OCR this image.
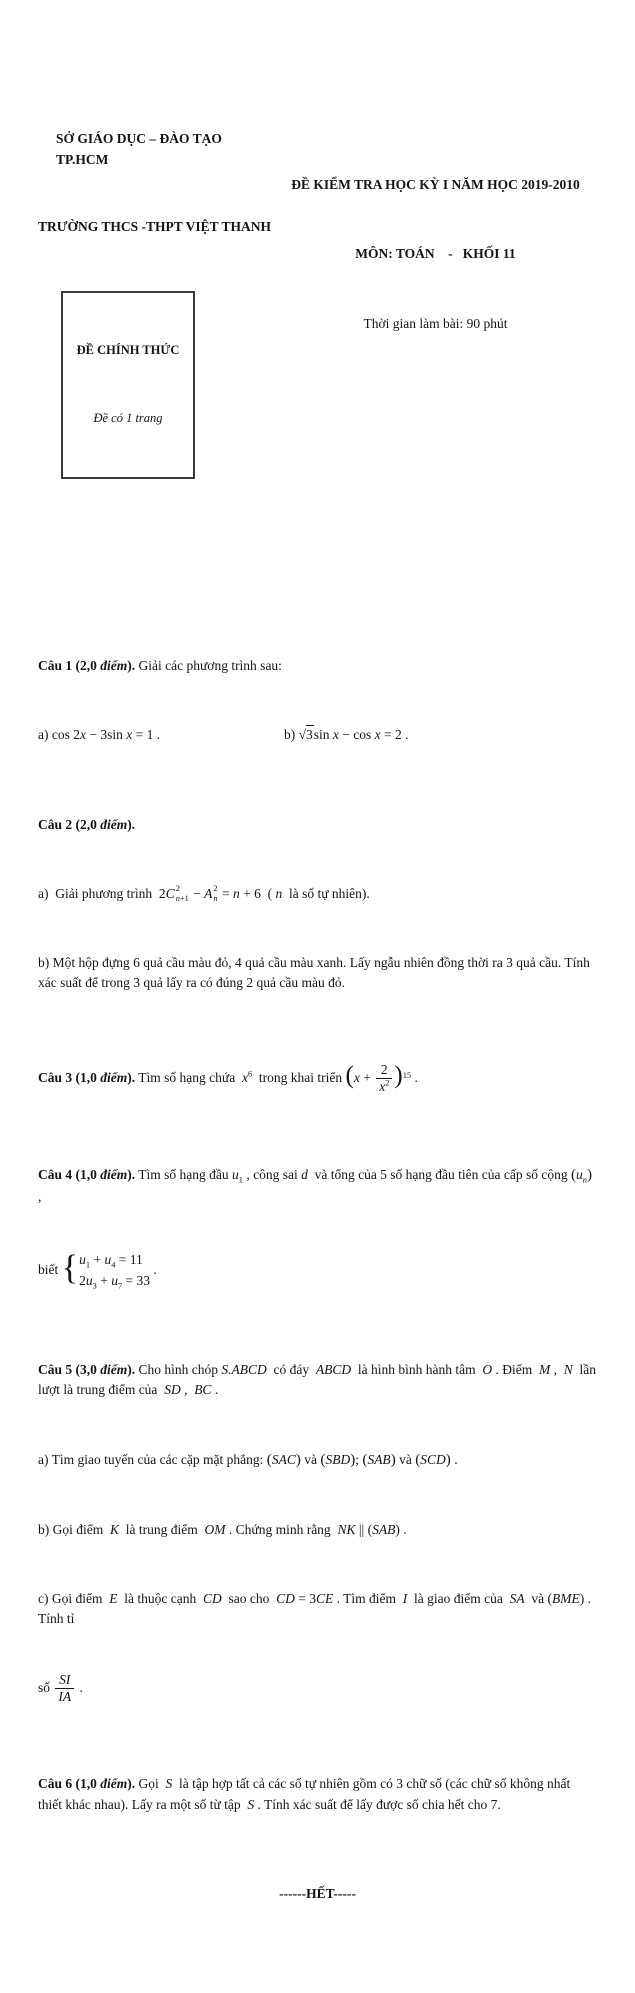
SỞ GIÁO DỤC – ĐÀO TẠO TP.HCM

TRƯỜNG THCS -THPT VIỆT THANH

ĐỀ CHÍNH THỨC

Đề có 1 trang

ĐỀ KIỂM TRA HỌC KỲ I NĂM HỌC 2019-2010

MÔN: TOÁN    -   KHỐI 11

Thời gian làm bài: 90 phút

Câu 1 (2,0 điểm). Giải các phương trình sau:

a) cos 2x − 3sin x = 1 .	b) √3sin x − cos x = 2 .

Câu 2 (2,0 điểm).

a)  Giải phương trình  2C 2
n+1 − A 2
n = n + 6  ( n  là số tự nhiên).

b) Một hộp đựng 6 quả cầu màu đỏ, 4 quả cầu màu xanh. Lấy ngẫu nhiên đồng thời ra 3 quả cầu. Tính xác suất để trong 3 quả lấy ra có đúng 2 quả cầu màu đỏ.

Câu 3 (1,0 điểm). Tìm số hạng chứa  $x^6$  trong khai triển $(x + \frac{2}{x^2} )^{15}$ .

Câu 4 (1,0 điểm). Tìm số hạng đầu $u_1$ , công sai d  và tổng của 5 số hạng đầu tiên của cấp số cộng $(u_n)$ ,

biết { $u_1 + u_4 = 11$
$2u_3 + u_7 = 33$
.

Câu 5 (3,0 điểm). Cho hình chóp S.ABCD  có đáy  ABCD  là hình bình hành tâm  O . Điểm  M ,  N  lần lượt là trung điểm của  SD ,  BC .

a) Tìm giao tuyến của các cặp mặt phẳng: (SAC) và (SBD); (SAB) và (SCD) .

b) Gọi điểm  K  là trung điểm  OM . Chứng minh rằng  NK || (SAB) .

c) Gọi điểm  E  là thuộc cạnh  CD  sao cho  CD = 3CE . Tìm điểm  I  là giao điểm của  SA  và (BME) . Tính tỉ

số $\frac{SI}{IA}$ .

Câu 6 (1,0 điểm). Gọi  S  là tập hợp tất cả các số tự nhiên gồm có 3 chữ số (các chữ số không nhất thiết khác nhau). Lấy ra một số từ tập  S . Tính xác suất để lấy được số chia hết cho 7.

------HẾT-----
